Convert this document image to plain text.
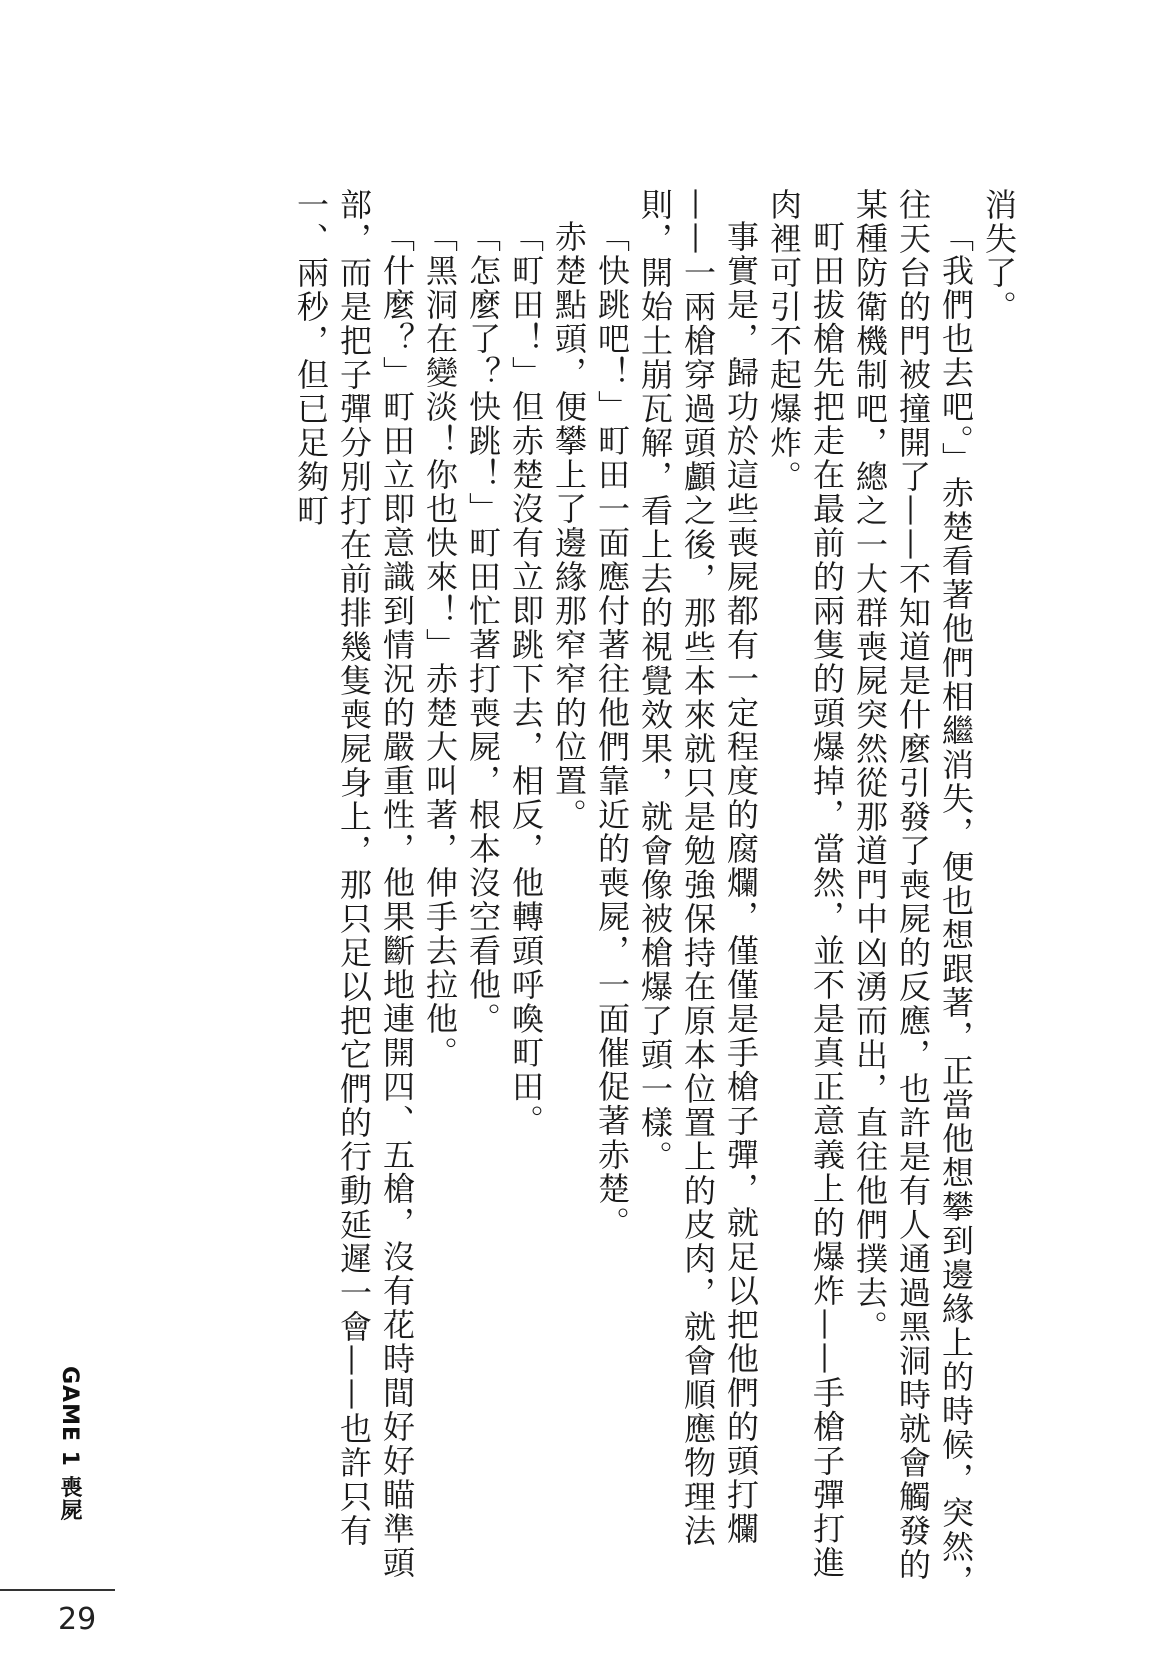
消失了。

「我們也去吧。」赤楚看著他們相繼消失，便也想跟著，正當他想攀到邊緣上的時候，突然，往天台的門被撞開了——不知道是什麼引發了喪屍的反應，也許是有人通過黑洞時就會觸發的某種防衛機制吧，總之一大群喪屍突然從那道門中凶湧而出，直往他們撲去。

町田拔槍先把走在最前的兩隻的頭爆掉，當然，並不是真正意義上的爆炸——手槍子彈打進肉裡可引不起爆炸。

事實是，歸功於這些喪屍都有一定程度的腐爛，僅僅是手槍子彈，就足以把他們的頭打爛——一兩槍穿過頭顱之後，那些本來就只是勉強保持在原本位置上的皮肉，就會順應物理法則，開始土崩瓦解，看上去的視覺效果，就會像被槍爆了頭一樣。

「快跳吧！」町田一面應付著往他們靠近的喪屍，一面催促著赤楚。

赤楚點頭，便攀上了邊緣那窄窄的位置。

「町田！」但赤楚沒有立即跳下去，相反，他轉頭呼喚町田。

「怎麼了？快跳！」町田忙著打喪屍，根本沒空看他。

「黑洞在變淡！你也快來！」赤楚大叫著，伸手去拉他。

「什麼？」町田立即意識到情況的嚴重性，他果斷地連開四、五槍，沒有花時間好好瞄準頭部，而是把子彈分別打在前排幾隻喪屍身上，那只足以把它們的行動延遲一會——也許只有一、兩秒，但已足夠町

GAME 1 喪屍
29
